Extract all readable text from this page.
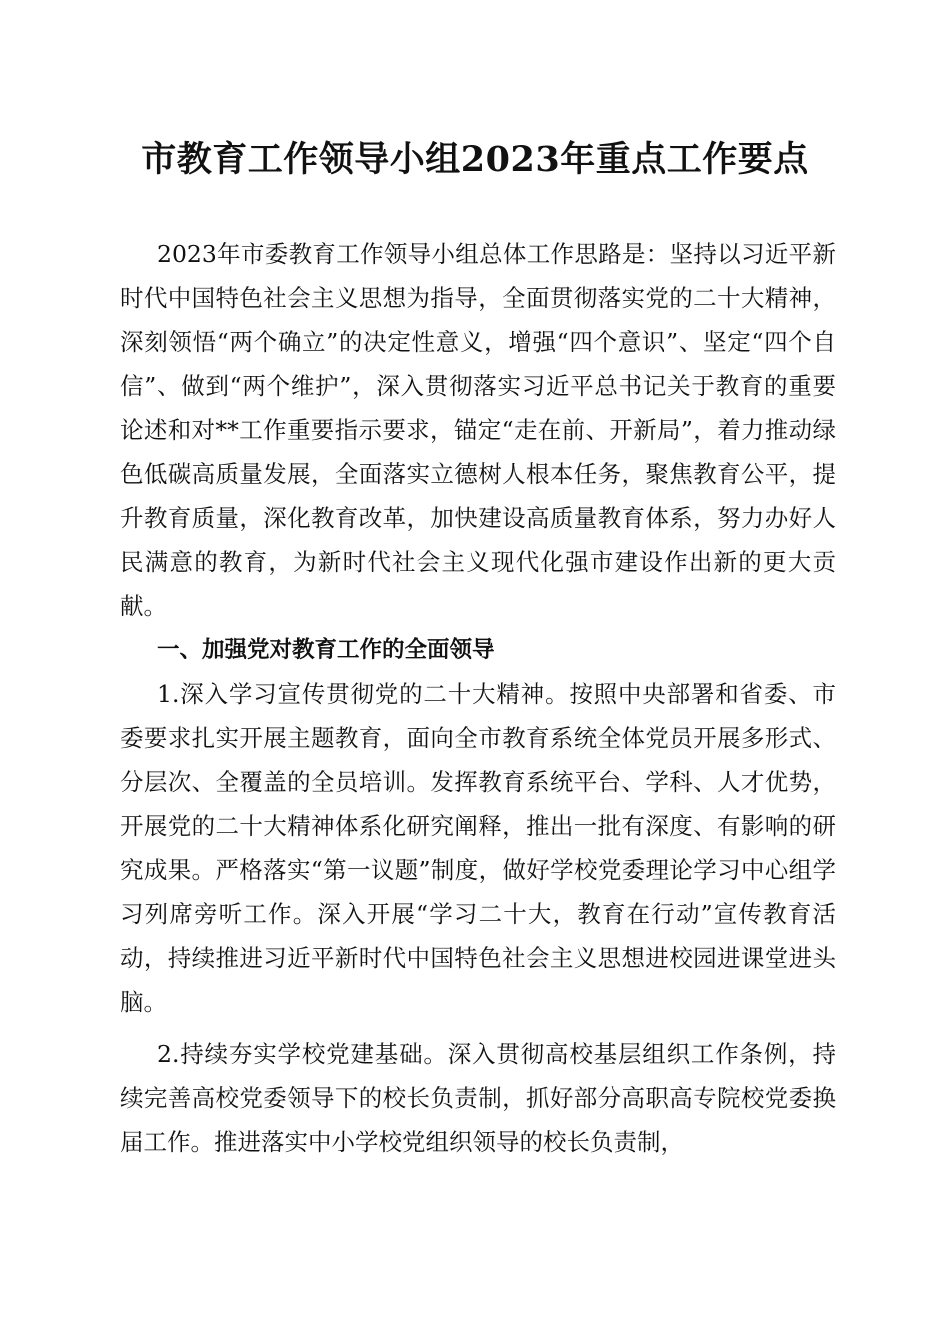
市教育工作领导小组2023年重点工作要点

2023年市委教育工作领导小组总体工作思路是：坚持以习近平新时代中国特色社会主义思想为指导，全面贯彻落实党的二十大精神，深刻领悟“两个确立”的决定性意义，增强“四个意识”、坚定“四个自信”、做到“两个维护”，深入贯彻落实习近平总书记关于教育的重要论述和对**工作重要指示要求，锚定“走在前、开新局”，着力推动绿色低碳高质量发展，全面落实立德树人根本任务，聚焦教育公平，提升教育质量，深化教育改革，加快建设高质量教育体系，努力办好人民满意的教育，为新时代社会主义现代化强市建设作出新的更大贡献。

一、加强党对教育工作的全面领导

1.深入学习宣传贯彻党的二十大精神。按照中央部署和省委、市委要求扎实开展主题教育，面向全市教育系统全体党员开展多形式、分层次、全覆盖的全员培训。发挥教育系统平台、学科、人才优势，开展党的二十大精神体系化研究阐释，推出一批有深度、有影响的研究成果。严格落实“第一议题”制度，做好学校党委理论学习中心组学习列席旁听工作。深入开展“学习二十大，教育在行动”宣传教育活动，持续推进习近平新时代中国特色社会主义思想进校园进课堂进头脑。

2.持续夯实学校党建基础。深入贯彻高校基层组织工作条例，持续完善高校党委领导下的校长负责制，抓好部分高职高专院校党委换届工作。推进落实中小学校党组织领导的校长负责制，
